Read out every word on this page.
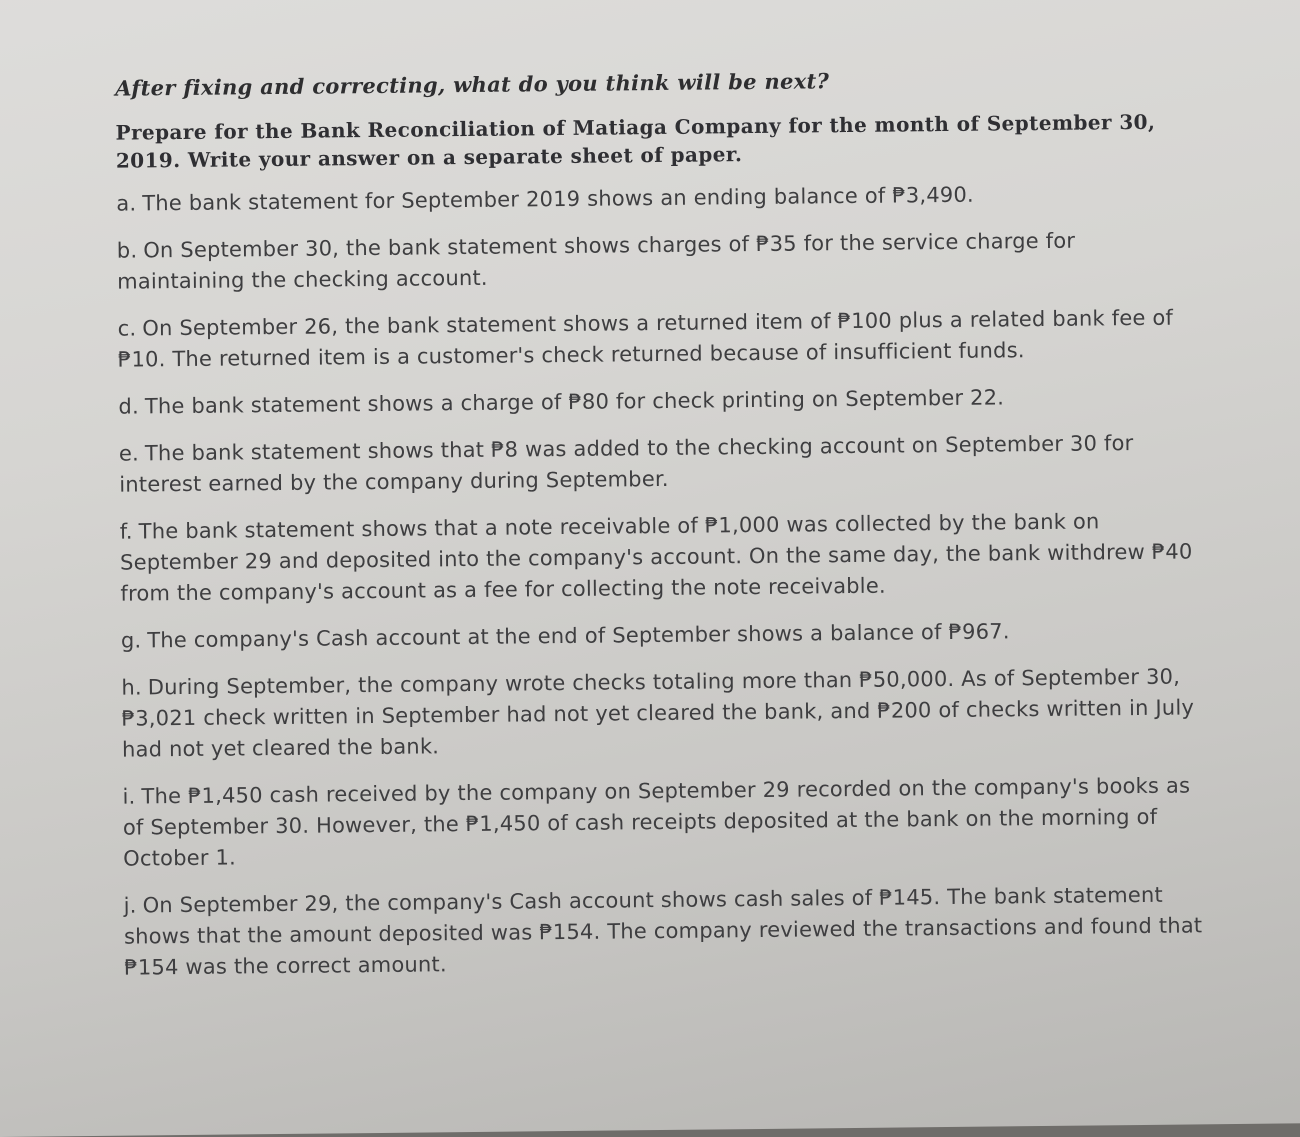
After fixing and correcting, what do you think will be next?

Prepare for the Bank Reconciliation of Matiaga Company for the month of September 30, 2019. Write your answer on a separate sheet of paper.

a. The bank statement for September 2019 shows an ending balance of ₱3,490.

b. On September 30, the bank statement shows charges of ₱35 for the service charge for maintaining the checking account.

c. On September 26, the bank statement shows a returned item of ₱100 plus a related bank fee of ₱10. The returned item is a customer's check returned because of insufficient funds.

d. The bank statement shows a charge of ₱80 for check printing on September 22.

e. The bank statement shows that ₱8 was added to the checking account on September 30 for interest earned by the company during September.

f. The bank statement shows that a note receivable of ₱1,000 was collected by the bank on September 29 and deposited into the company's account. On the same day, the bank withdrew ₱40 from the company's account as a fee for collecting the note receivable.

g. The company's Cash account at the end of September shows a balance of ₱967.

h. During September, the company wrote checks totaling more than ₱50,000. As of September 30, ₱3,021 check written in September had not yet cleared the bank, and ₱200 of checks written in July had not yet cleared the bank.

i. The ₱1,450 cash received by the company on September 29 recorded on the company's books as of September 30. However, the ₱1,450 of cash receipts deposited at the bank on the morning of October 1.

j. On September 29, the company's Cash account shows cash sales of ₱145. The bank statement shows that the amount deposited was ₱154. The company reviewed the transactions and found that ₱154 was the correct amount.
